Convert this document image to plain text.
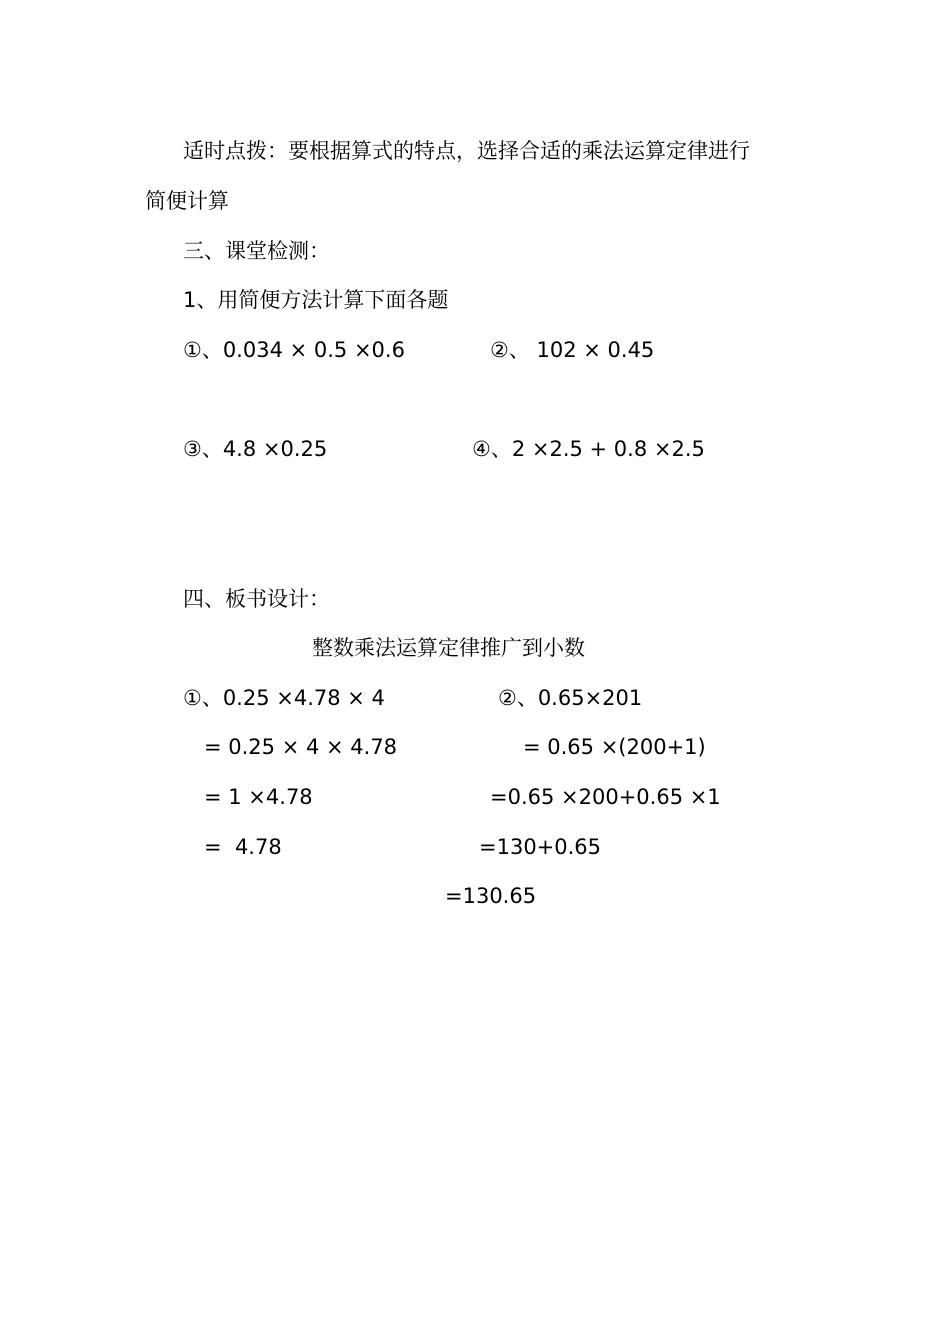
适时点拨：要根据算式的特点，选择合适的乘法运算定律进行
简便计算
三、课堂检测：
1、用简便方法计算下面各题
①、0.034 × 0.5 ×0.6	②、 102 × 0.45
③、4.8 ×0.25	④、2 ×2.5 + 0.8 ×2.5
四、板书设计：
整数乘法运算定律推广到小数
①、0.25 ×4.78 × 4	②、0.65×201
= 0.25 × 4 × 4.78	= 0.65 ×(200+1)
= 1 ×4.78	=0.65 ×200+0.65 ×1
=  4.78	=130+0.65
=130.65
